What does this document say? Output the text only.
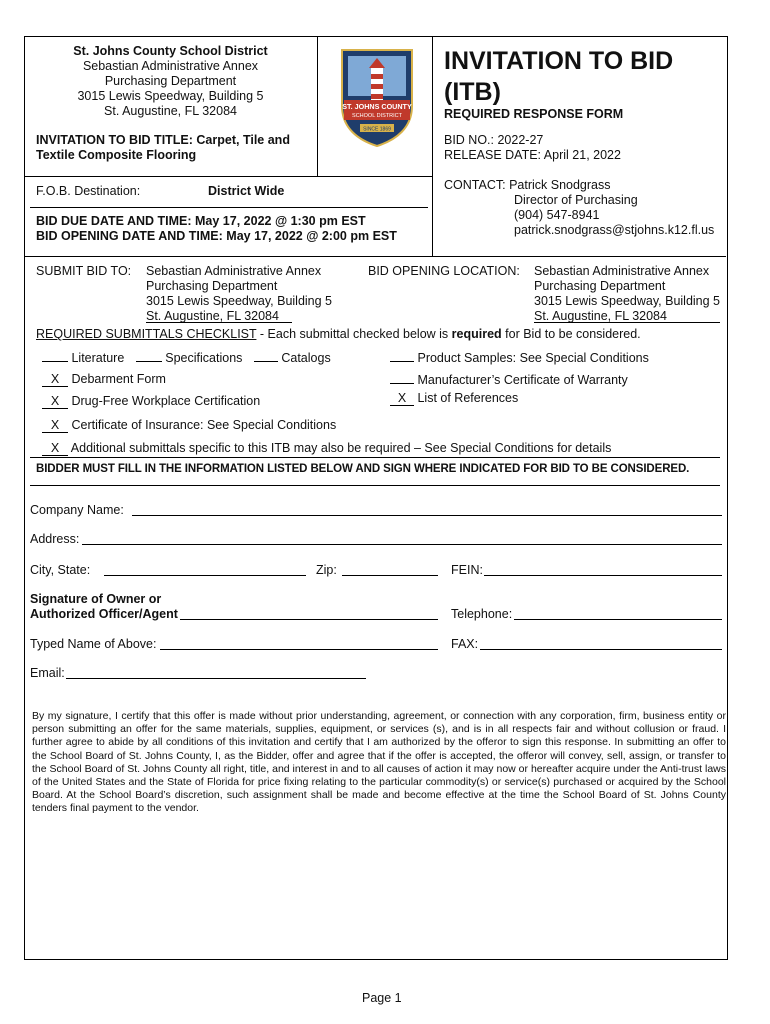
St. Johns County School District
Sebastian Administrative Annex
Purchasing Department
3015 Lewis Speedway, Building 5
St. Augustine, FL 32084
INVITATION TO BID TITLE: Carpet, Tile and
Textile Composite Flooring
ST. JOHNS COUNTY
SCHOOL DISTRICT
SINCE 1869
INVITATION TO BID
(ITB)
REQUIRED RESPONSE FORM
BID NO.: 2022-27
RELEASE DATE: April 21, 2022
F.O.B. Destination:	District Wide	CONTACT: Patrick Snodgrass
Director of Purchasing
(904) 547-8941
patrick.snodgrass@stjohns.k12.fl.us
BID DUE DATE AND TIME: May 17, 2022 @ 1:30 pm EST
BID OPENING DATE AND TIME: May 17, 2022 @ 2:00 pm EST
SUBMIT BID TO: Sebastian Administrative Annex
Purchasing Department
3015 Lewis Speedway, Building 5
St. Augustine, FL 32084
BID OPENING LOCATION: Sebastian Administrative Annex
Purchasing Department
3015 Lewis Speedway, Building 5
St. Augustine, FL 32084
REQUIRED SUBMITTALS CHECKLIST - Each submittal checked below is required for Bid to be considered.
Literature	Specifications	Catalogs	Product Samples: See Special Conditions
X Debarment Form	Manufacturer’s Certificate of Warranty
X Drug-Free Workplace Certification	X List of References
X Certificate of Insurance: See Special Conditions
X Additional submittals specific to this ITB may also be required – See Special Conditions for details
BIDDER MUST FILL IN THE INFORMATION LISTED BELOW AND SIGN WHERE INDICATED FOR BID TO BE CONSIDERED.
Company Name:
Address:
City, State:	Zip:	FEIN:
Signature of Owner or
Authorized Officer/Agent	Telephone:
Typed Name of Above:	FAX:
Email:
By my signature, I certify that this offer is made without prior understanding, agreement, or connection with any corporation, firm, business entity or person submitting an offer for the same materials, supplies, equipment, or services (s), and is in all respects fair and without collusion or fraud. I further agree to abide by all conditions of this invitation and certify that I am authorized by the offeror to sign this response. In submitting an offer to the School Board of St. Johns County, I, as the Bidder, offer and agree that if the offer is accepted, the offeror will convey, sell, assign, or transfer to the School Board of St. Johns County all right, title, and interest in and to all causes of action it may now or hereafter acquire under the Anti-trust laws of the United States and the State of Florida for price fixing relating to the particular commodity(s) or service(s) purchased or acquired by the School Board. At the School Board’s discretion, such assignment shall be made and become effective at the time the School Board of St. Johns County tenders final payment to the vendor.
Page 1
